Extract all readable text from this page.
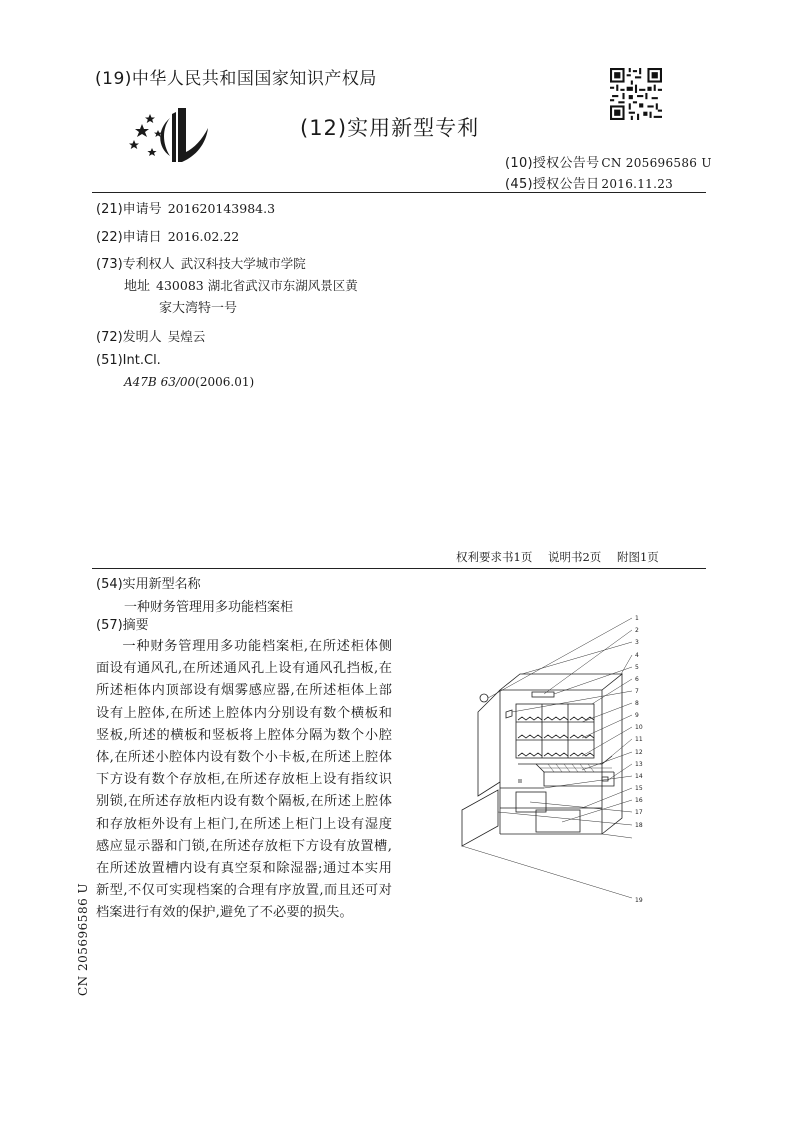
(19)中华人民共和国国家知识产权局
(12)实用新型专利
(10)授权公告号 CN 205696586 U
(45)授权公告日 2016.11.23
(21)申请号 201620143984.3
(22)申请日 2016.02.22
(73)专利权人 武汉科技大学城市学院
地址 430083 湖北省武汉市东湖风景区黄
家大湾特一号
(72)发明人 吴煌云
(51)Int.Cl.
A47B 63/00(2006.01)
权利要求书1页 说明书2页 附图1页
(54)实用新型名称
一种财务管理用多功能档案柜
(57)摘要
一种财务管理用多功能档案柜,在所述柜体侧面设有通风孔,在所述通风孔上设有通风孔挡板,在所述柜体内顶部设有烟雾感应器,在所述柜体上部设有上腔体,在所述上腔体内分别设有数个横板和竖板,所述的横板和竖板将上腔体分隔为数个小腔体,在所述小腔体内设有数个小卡板,在所述上腔体下方设有数个存放柜,在所述存放柜上设有指纹识别锁,在所述存放柜内设有数个隔板,在所述上腔体和存放柜外设有上柜门,在所述上柜门上设有湿度感应显示器和门锁,在所述存放柜下方设有放置槽,在所述放置槽内设有真空泵和除湿器;通过本实用新型,不仅可实现档案的合理有序放置,而且还可对档案进行有效的保护,避免了不必要的损失。
1
2
3
4
5
6
7
8
9
10
11
12
13
14
15
16
17
18
19
CN 205696586 U
